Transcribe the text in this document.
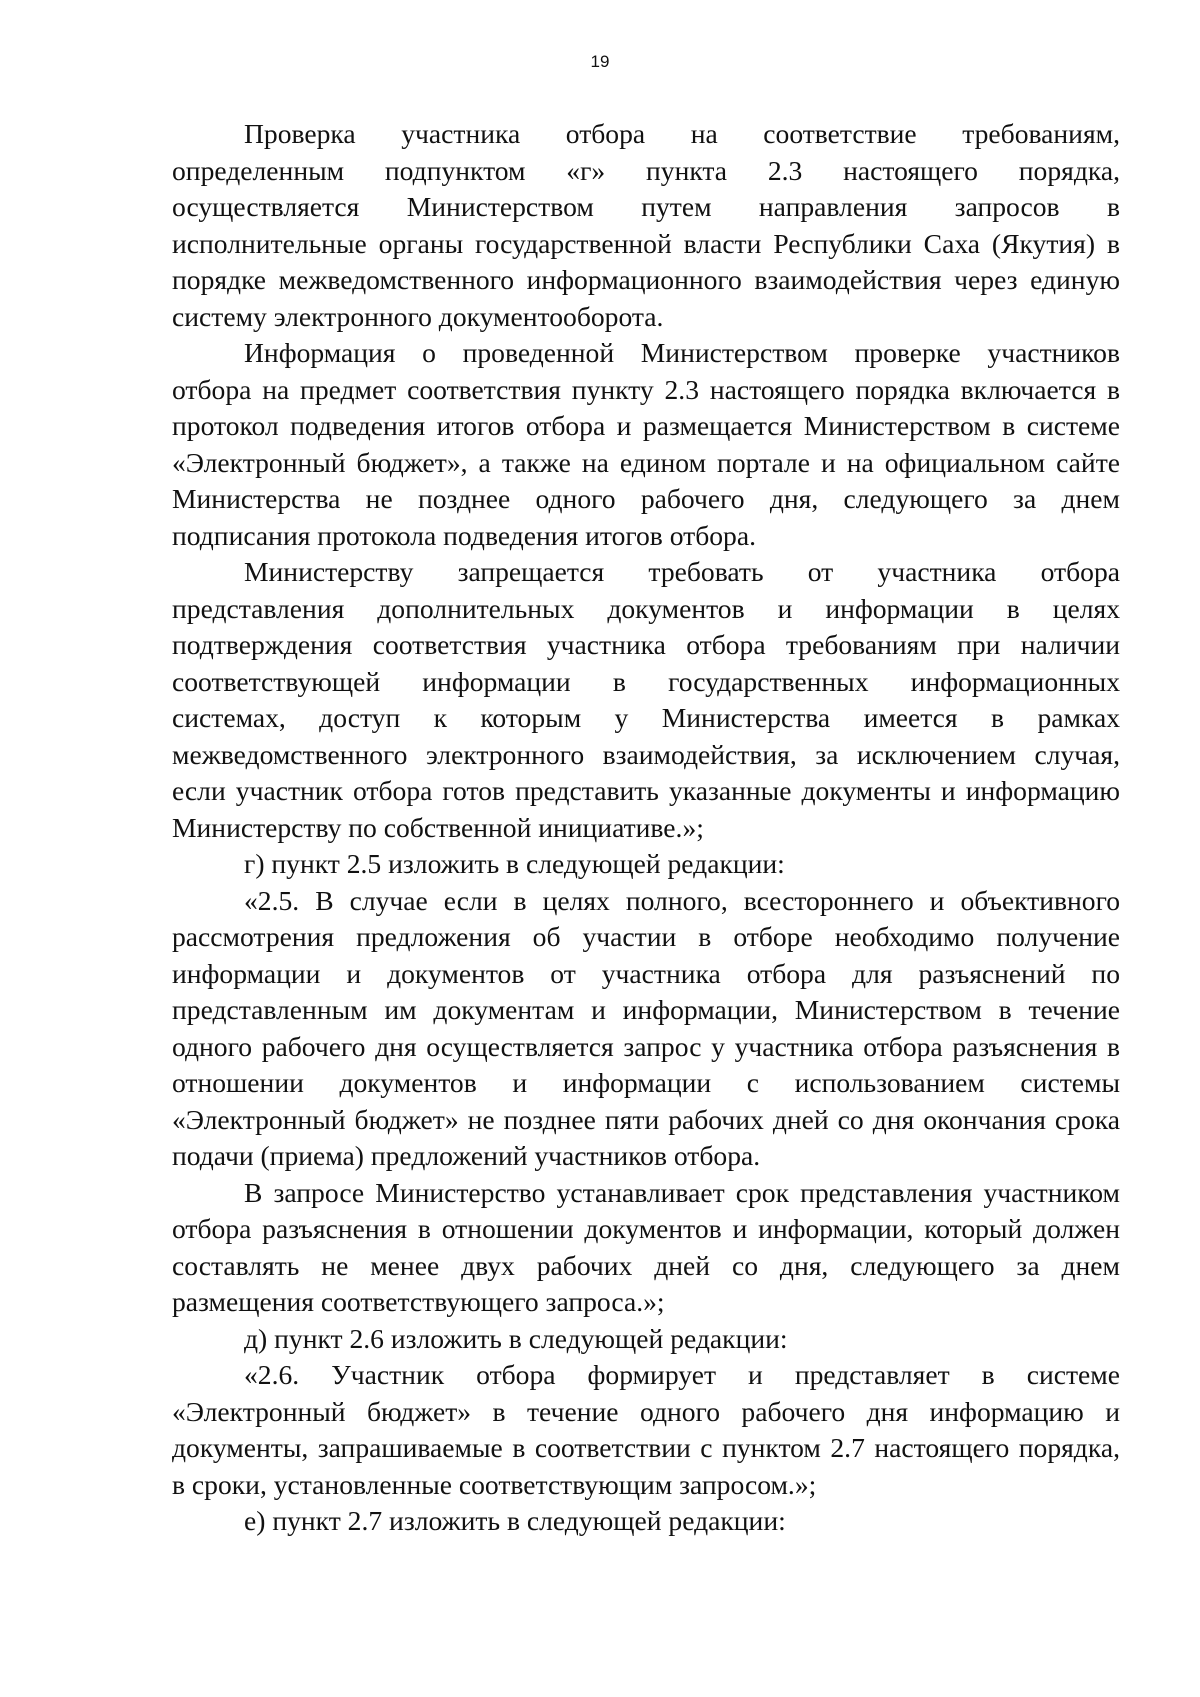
19

Проверка участника отбора на соответствие требованиям,
определенным подпунктом «г» пункта 2.3 настоящего порядка,
осуществляется Министерством путем направления запросов в
исполнительные органы государственной власти Республики Саха (Якутия) в
порядке межведомственного информационного взаимодействия через единую
систему электронного документооборота.

Информация о проведенной Министерством проверке участников
отбора на предмет соответствия пункту 2.3 настоящего порядка включается в
протокол подведения итогов отбора и размещается Министерством в системе
«Электронный бюджет», а также на едином портале и на официальном сайте
Министерства не позднее одного рабочего дня, следующего за днем
подписания протокола подведения итогов отбора.

Министерству запрещается требовать от участника отбора
представления дополнительных документов и информации в целях
подтверждения соответствия участника отбора требованиям при наличии
соответствующей информации в государственных информационных
системах, доступ к которым у Министерства имеется в рамках
межведомственного электронного взаимодействия, за исключением случая,
если участник отбора готов представить указанные документы и информацию
Министерству по собственной инициативе.»;

г) пункт 2.5 изложить в следующей редакции:

«2.5. В случае если в целях полного, всестороннего и объективного
рассмотрения предложения об участии в отборе необходимо получение
информации и документов от участника отбора для разъяснений по
представленным им документам и информации, Министерством в течение
одного рабочего дня осуществляется запрос у участника отбора разъяснения в
отношении документов и информации с использованием системы
«Электронный бюджет» не позднее пяти рабочих дней со дня окончания срока
подачи (приема) предложений участников отбора.

В запросе Министерство устанавливает срок представления участником
отбора разъяснения в отношении документов и информации, который должен
составлять не менее двух рабочих дней со дня, следующего за днем
размещения соответствующего запроса.»;

д) пункт 2.6 изложить в следующей редакции:

«2.6. Участник отбора формирует и представляет в системе
«Электронный бюджет» в течение одного рабочего дня информацию и
документы, запрашиваемые в соответствии с пунктом 2.7 настоящего порядка,
в сроки, установленные соответствующим запросом.»;

е) пункт 2.7 изложить в следующей редакции:
